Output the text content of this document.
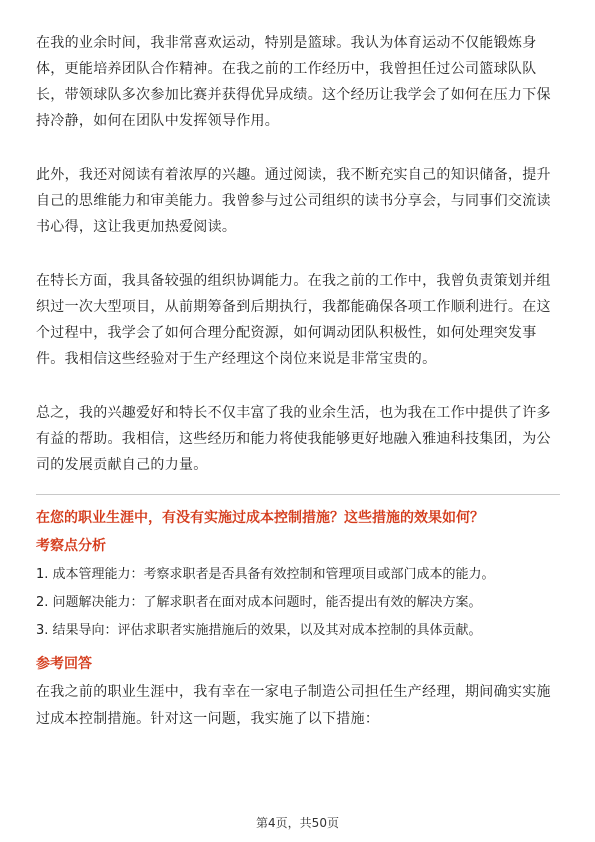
在我的业余时间，我非常喜欢运动，特别是篮球。我认为体育运动不仅能锻炼身体，更能培养团队合作精神。在我之前的工作经历中，我曾担任过公司篮球队队长，带领球队多次参加比赛并获得优异成绩。这个经历让我学会了如何在压力下保持冷静，如何在团队中发挥领导作用。

此外，我还对阅读有着浓厚的兴趣。通过阅读，我不断充实自己的知识储备，提升自己的思维能力和审美能力。我曾参与过公司组织的读书分享会，与同事们交流读书心得，这让我更加热爱阅读。

在特长方面，我具备较强的组织协调能力。在我之前的工作中，我曾负责策划并组织过一次大型项目，从前期筹备到后期执行，我都能确保各项工作顺利进行。在这个过程中，我学会了如何合理分配资源，如何调动团队积极性，如何处理突发事件。我相信这些经验对于生产经理这个岗位来说是非常宝贵的。

总之，我的兴趣爱好和特长不仅丰富了我的业余生活，也为我在工作中提供了许多有益的帮助。我相信，这些经历和能力将使我能够更好地融入雅迪科技集团，为公司的发展贡献自己的力量。

在您的职业生涯中，有没有实施过成本控制措施？这些措施的效果如何？
考察点分析

1. 成本管理能力：考察求职者是否具备有效控制和管理项目或部门成本的能力。

2. 问题解决能力：了解求职者在面对成本问题时，能否提出有效的解决方案。

3. 结果导向：评估求职者实施措施后的效果，以及其对成本控制的具体贡献。

参考回答

在我之前的职业生涯中，我有幸在一家电子制造公司担任生产经理，期间确实实施过成本控制措施。针对这一问题，我实施了以下措施：

第4页，共50页
